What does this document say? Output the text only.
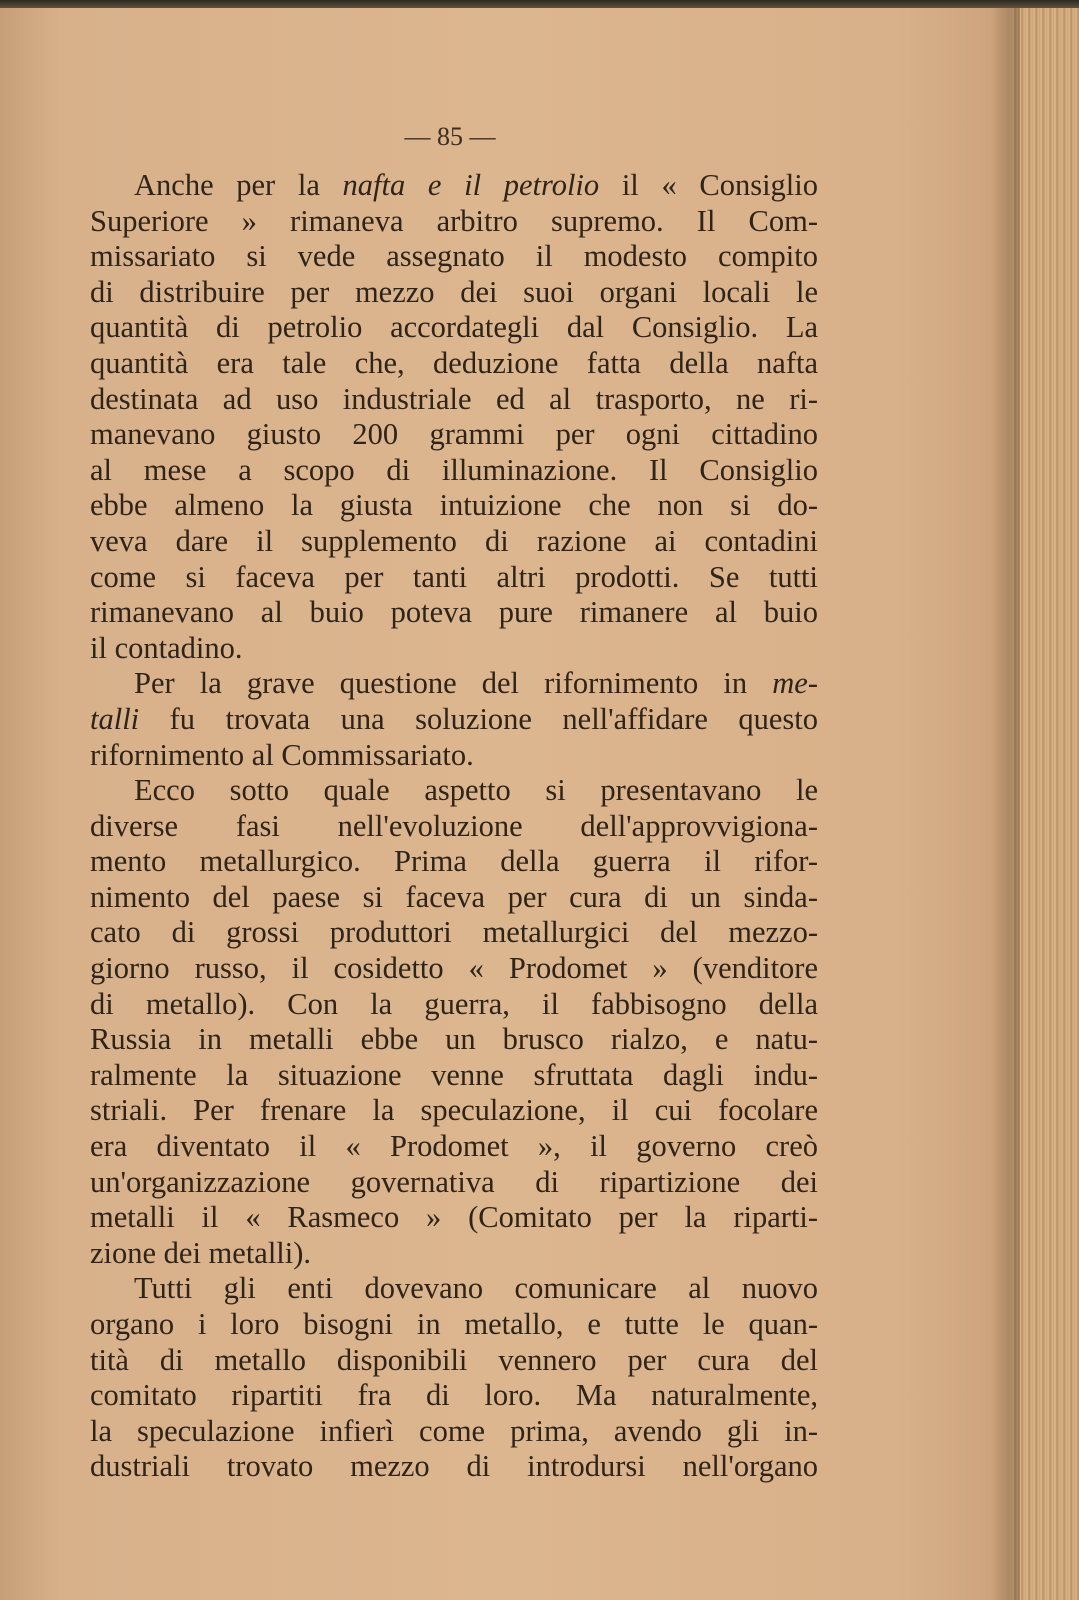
— 85 —

Anche per la nafta e il petrolio il « Consiglio
Superiore » rimaneva arbitro supremo. Il Com-
missariato si vede assegnato il modesto compito
di distribuire per mezzo dei suoi organi locali le
quantità di petrolio accordategli dal Consiglio. La
quantità era tale che, deduzione fatta della nafta
destinata ad uso industriale ed al trasporto, ne ri-
manevano giusto 200 grammi per ogni cittadino
al mese a scopo di illuminazione. Il Consiglio
ebbe almeno la giusta intuizione che non si do-
veva dare il supplemento di razione ai contadini
come si faceva per tanti altri prodotti. Se tutti
rimanevano al buio poteva pure rimanere al buio
il contadino.
Per la grave questione del rifornimento in me-
talli fu trovata una soluzione nell'affidare questo
rifornimento al Commissariato.
Ecco sotto quale aspetto si presentavano le
diverse fasi nell'evoluzione dell'approvvigiona-
mento metallurgico. Prima della guerra il rifor-
nimento del paese si faceva per cura di un sinda-
cato di grossi produttori metallurgici del mezzo-
giorno russo, il cosidetto « Prodomet » (venditore
di metallo). Con la guerra, il fabbisogno della
Russia in metalli ebbe un brusco rialzo, e natu-
ralmente la situazione venne sfruttata dagli indu-
striali. Per frenare la speculazione, il cui focolare
era diventato il « Prodomet », il governo creò
un'organizzazione governativa di ripartizione dei
metalli il « Rasmeco » (Comitato per la riparti-
zione dei metalli).
Tutti gli enti dovevano comunicare al nuovo
organo i loro bisogni in metallo, e tutte le quan-
tità di metallo disponibili vennero per cura del
comitato ripartiti fra di loro. Ma naturalmente,
la speculazione infierì come prima, avendo gli in-
dustriali trovato mezzo di introdursi nell'organo
